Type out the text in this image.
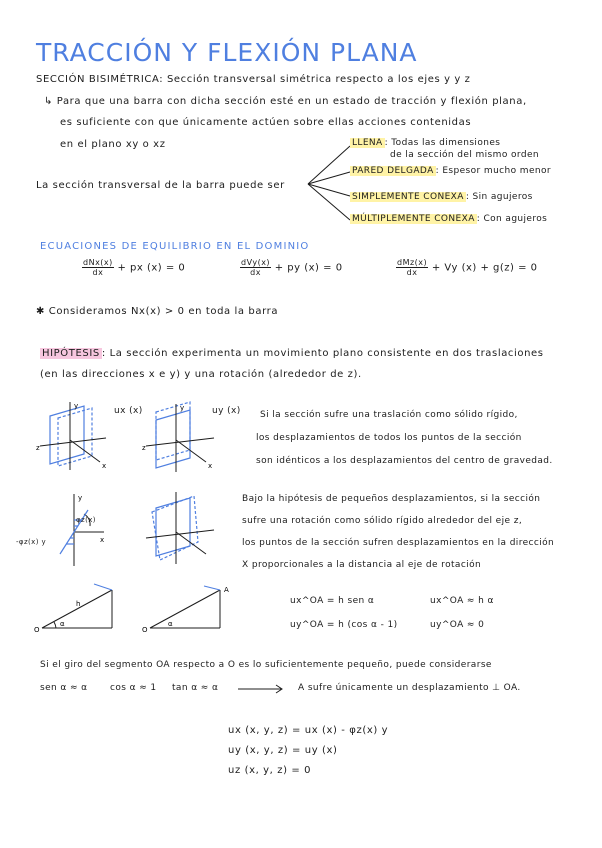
TRACCIÓN Y FLEXIÓN PLANA
SECCIÓN BISIMÉTRICA: Sección transversal simétrica respecto a los ejes y y z
↳ Para que una barra con dicha sección esté en un estado de tracción y flexión plana,
es suficiente con que únicamente actúen sobre ellas acciones contenidas
en el plano xy o xz
La sección transversal de la barra puede ser
LLENA : Todas las dimensiones
de la sección del mismo orden
PARED DELGADA : Espesor mucho menor
SIMPLEMENTE CONEXA : Sin agujeros
MÚLTIPLEMENTE CONEXA : Con agujeros
ECUACIONES DE EQUILIBRIO EN EL DOMINIO
$\frac{\text{dNx(x)}}{dx}$ + px (x) = 0	$\frac{\text{dVy(x)}}{dx}$ + py (x) = 0	$\frac{\text{dMz(x)}}{dx} + Vy$ (x) + g(z) = 0
✱ Consideramos Nx(x) > 0 en toda la barra
HIPÓTESIS : La sección experimenta un movimiento plano consistente en dos traslaciones
(en las direcciones x e y) y una rotación (alrededor de z).
y
z
x
ux (x)	y
z
x
uy (x) Si la sección sufre una traslación como sólido rígido,
los desplazamientos de todos los puntos de la sección
son idénticos a los desplazamientos del centro de gravedad.
y
x
φz(x)
-φz(x) y
Bajo la hipótesis de pequeños desplazamientos, si la sección
sufre una rotación como sólido rígido alrededor del eje z,
los puntos de la sección sufren desplazamientos en la dirección
X proporcionales a la distancia al eje de rotación
O
α
h
O
α
A
ux^OA = h sen α
uy^OA = h (cos α - 1)
ux^OA ≈ h α
uy^OA ≈ 0
Si el giro del segmento OA respecto a O es lo suficientemente pequeño, puede considerarse
sen α ≈ α cos α ≈ 1 tan α ≈ α	A sufre únicamente un desplazamiento ⊥ OA.
ux (x, y, z) = ux (x) - φz(x) y
uy (x, y, z) = uy (x)
uz (x, y, z) = 0
